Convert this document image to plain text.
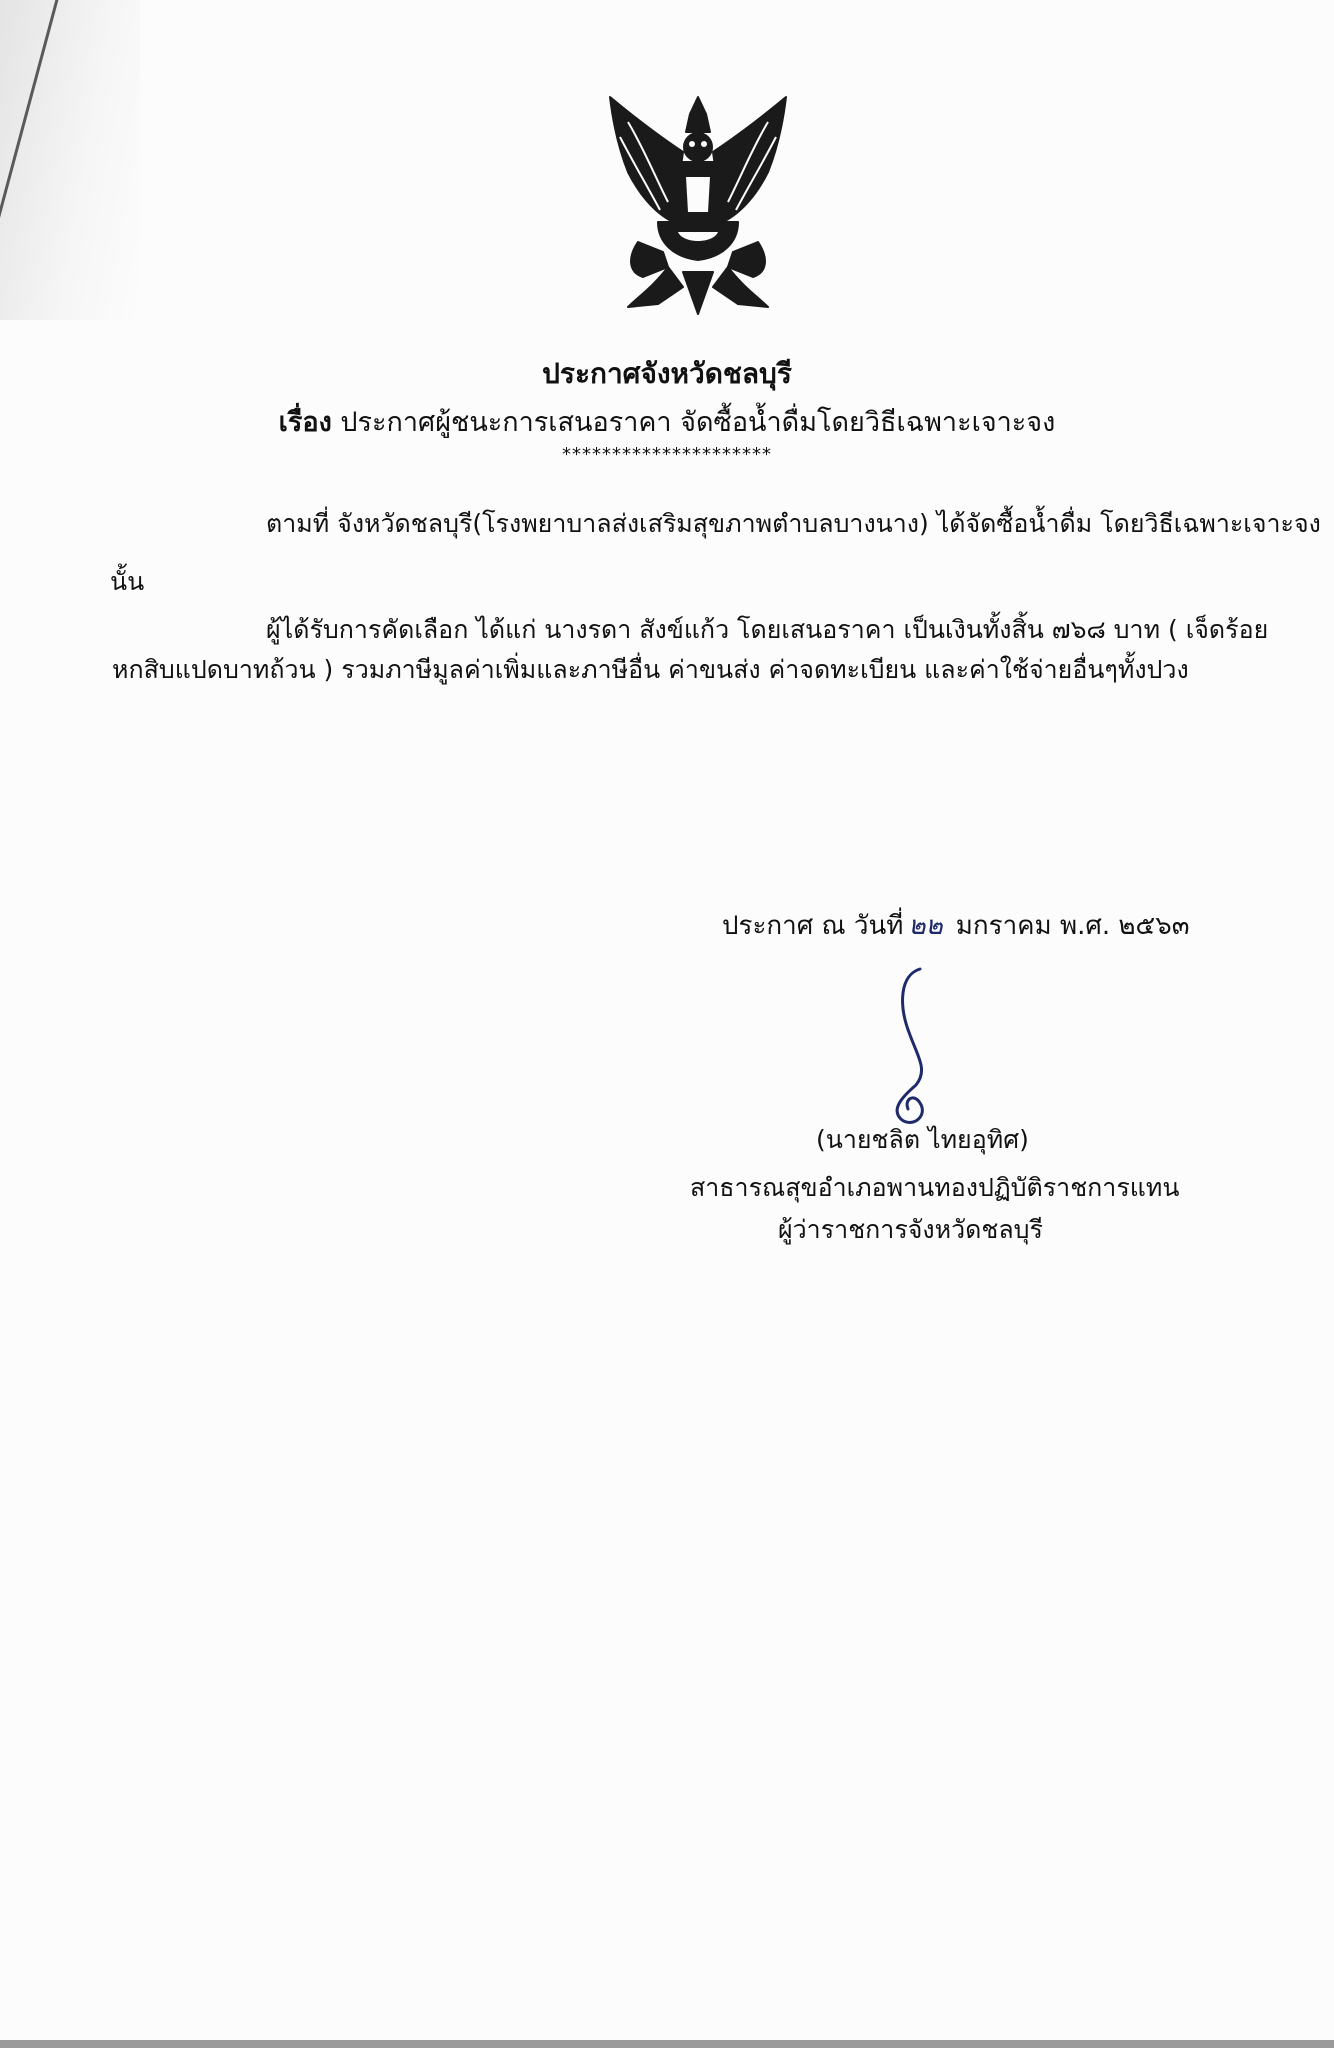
ประกาศจังหวัดชลบุรี
เรื่อง ประกาศผู้ชนะการเสนอราคา จัดซื้อน้ำดื่มโดยวิธีเฉพาะเจาะจง
*********************
ตามที่ จังหวัดชลบุรี(โรงพยาบาลส่งเสริมสุขภาพตำบลบางนาง) ได้จัดซื้อน้ำดื่ม โดยวิธีเฉพาะเจาะจง
นั้น
ผู้ได้รับการคัดเลือก ได้แก่ นางรดา สังข์แก้ว โดยเสนอราคา เป็นเงินทั้งสิ้น ๗๖๘ บาท ( เจ็ดร้อย
หกสิบแปดบาทถ้วน ) รวมภาษีมูลค่าเพิ่มและภาษีอื่น ค่าขนส่ง ค่าจดทะเบียน และค่าใช้จ่ายอื่นๆทั้งปวง
ประกาศ ณ วันที่ ๒๒ มกราคม พ.ศ. ๒๕๖๓
(นายชลิต ไทยอุทิศ)
สาธารณสุขอำเภอพานทองปฏิบัติราชการแทน
ผู้ว่าราชการจังหวัดชลบุรี
